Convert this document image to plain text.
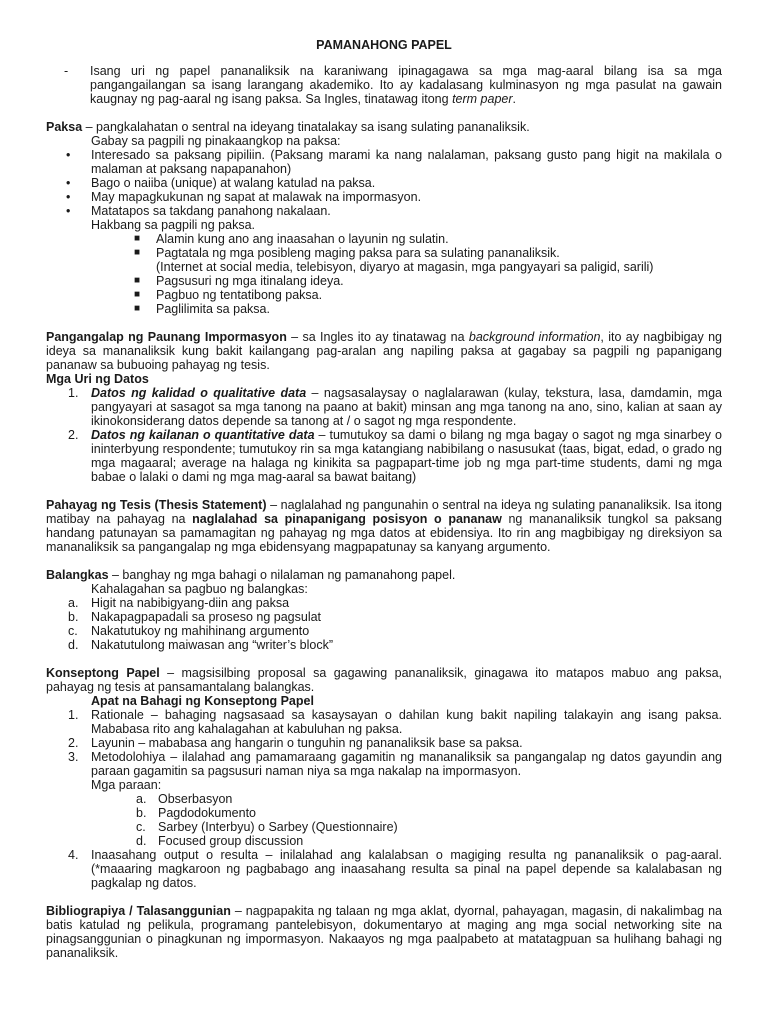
PAMANAHONG PAPEL
-	Isang uri ng papel pananaliksik na karaniwang ipinagagawa sa mga mag-aaral bilang isa sa mga pangangailangan sa isang larangang akademiko. Ito ay kadalasang kulminasyon ng mga pasulat na gawain kaugnay ng pag-aaral ng isang paksa. Sa Ingles, tinatawag itong term paper.

Paksa – pangkalahatan o sentral na ideyang tinatalakay sa isang sulating pananaliksik.

Gabay sa pagpili ng pinakaangkop na paksa:
• Interesado sa paksang pipiliin. (Paksang marami ka nang nalalaman, paksang gusto pang higit na makilala o malaman at paksang napapanahon)
• Bago o naiiba (unique) at walang katulad na paksa.
• May mapagkukunan ng sapat at malawak na impormasyon.
• Matatapos sa takdang panahong nakalaan.
Hakbang sa pagpili ng paksa.
■ Alamin kung ano ang inaasahan o layunin ng sulatin.
■ Pagtatala ng mga posibleng maging paksa para sa sulating pananaliksik.
(Internet at social media, telebisyon, diyaryo at magasin, mga pangyayari sa paligid, sarili)
■ Pagsusuri ng mga itinalang ideya.
■ Pagbuo ng tentatibong paksa.
■ Paglilimita sa paksa.

Pangangalap ng Paunang Impormasyon – sa Ingles ito ay tinatawag na background information, ito ay nagbibigay ng ideya sa mananaliksik kung bakit kailangang pag-aralan ang napiling paksa at gagabay sa pagpili ng papanigang pananaw sa bubuoing pahayag ng tesis.

Mga Uri ng Datos
1. Datos ng kalidad o qualitative data – nagsasalaysay o naglalarawan (kulay, tekstura, lasa, damdamin, mga pangyayari at sasagot sa mga tanong na paano at bakit) minsan ang mga tanong na ano, sino, kalian at saan ay ikinokonsiderang datos depende sa tanong at / o sagot ng mga respondente.
2. Datos ng kailanan o quantitative data – tumutukoy sa dami o bilang ng mga bagay o sagot ng mga sinarbey o ininterbyung respondente; tumutukoy rin sa mga katangiang nabibilang o nasusukat (taas, bigat, edad, o grado ng mga magaaral; average na halaga ng kinikita sa pagpapart-time job ng mga part-time students, dami ng mga babae o lalaki o dami ng mga mag-aaral sa bawat baitang)

Pahayag ng Tesis (Thesis Statement) – naglalahad ng pangunahin o sentral na ideya ng sulating pananaliksik. Isa itong matibay na pahayag na naglalahad sa pinapanigang posisyon o pananaw ng mananaliksik tungkol sa paksang handang patunayan sa pamamagitan ng pahayag ng mga datos at ebidensiya. Ito rin ang magbibigay ng direksiyon sa mananaliksik sa pangangalap ng mga ebidensyang magpapatunay sa kanyang argumento.

Balangkas – banghay ng mga bahagi o nilalaman ng pamanahong papel.

Kahalagahan sa pagbuo ng balangkas:
a. Higit na nabibigyang-diin ang paksa
b. Nakapagpapadali sa proseso ng pagsulat
c. Nakatutukoy ng mahihinang argumento
d. Nakatutulong maiwasan ang “writer’s block”

Konseptong Papel – magsisilbing proposal sa gagawing pananaliksik, ginagawa ito matapos mabuo ang paksa, pahayag ng tesis at pansamantalang balangkas.

Apat na Bahagi ng Konseptong Papel
1. Rationale – bahaging nagsasaad sa kasaysayan o dahilan kung bakit napiling talakayin ang isang paksa. Mababasa rito ang kahalagahan at kabuluhan ng paksa.
2. Layunin – mababasa ang hangarin o tunguhin ng pananaliksik base sa paksa.
3. Metodolohiya – ilalahad ang pamamaraang gagamitin ng mananaliksik sa pangangalap ng datos gayundin ang paraan gagamitin sa pagsusuri naman niya sa mga nakalap na impormasyon.
Mga paraan:
a. Obserbasyon
b. Pagdodokumento
c. Sarbey (Interbyu) o Sarbey (Questionnaire)
d. Focused group discussion
4. Inaasahang output o resulta – inilalahad ang kalalabsan o magiging resulta ng pananaliksik o pag-aaral. (*maaaring magkaroon ng pagbabago ang inaasahang resulta sa pinal na papel depende sa kalalabasan ng pagkalap ng datos.

Bibliograpiya / Talasanggunian – nagpapakita ng talaan ng mga aklat, dyornal, pahayagan, magasin, di nakalimbag na batis katulad ng pelikula, programang pantelebisyon, dokumentaryo at maging ang mga social networking site na pinagsanggunian o pinagkunan ng impormasyon. Nakaayos ng mga paalpabeto at matatagpuan sa hulihang bahagi ng pananaliksik.
